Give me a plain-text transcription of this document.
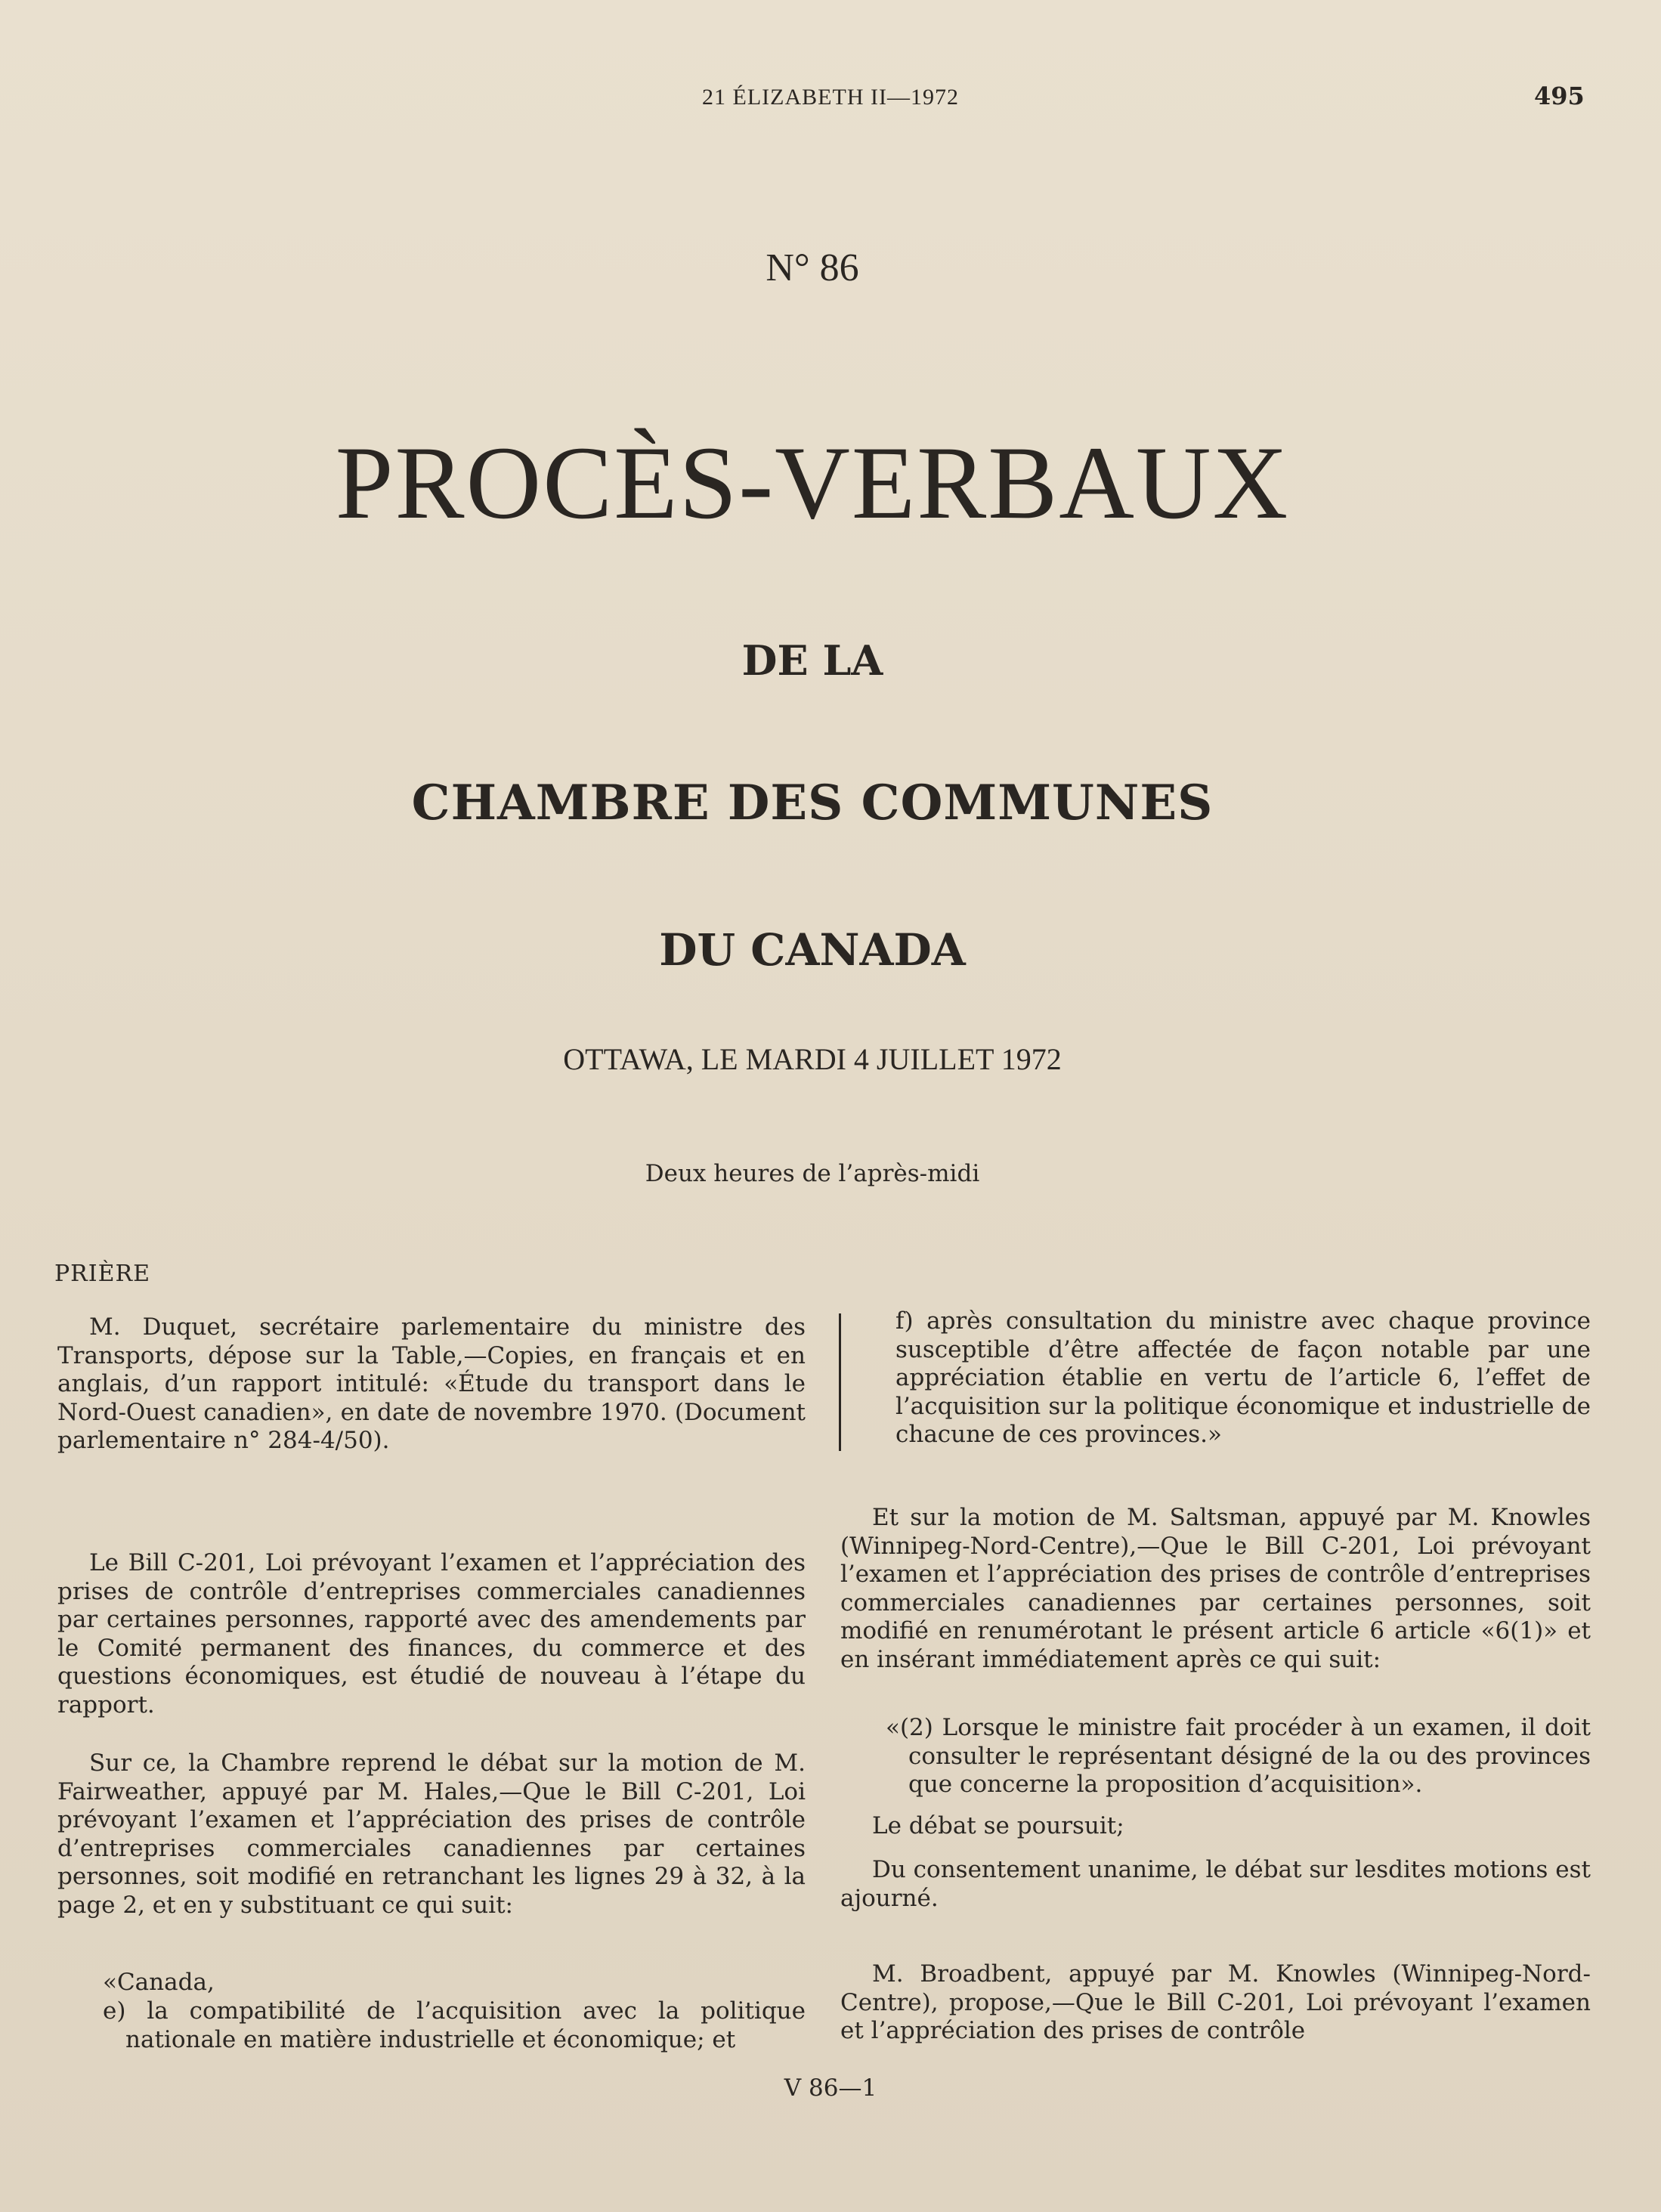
21 ÉLIZABETH II—1972	495
N° 86
PROCÈS-VERBAUX
DE LA
CHAMBRE DES COMMUNES
DU CANADA
OTTAWA, LE MARDI 4 JUILLET 1972
Deux heures de l’après-midi
PRIÈRE

M. Duquet, secrétaire parlementaire du ministre des Transports, dépose sur la Table,—Copies, en français et en anglais, d’un rapport intitulé: «Étude du transport dans le Nord-Ouest canadien», en date de novembre 1970. (Document parlementaire n° 284-4/50).

Le Bill C-201, Loi prévoyant l’examen et l’appréciation des prises de contrôle d’entreprises commerciales canadiennes par certaines personnes, rapporté avec des amendements par le Comité permanent des finances, du commerce et des questions économiques, est étudié de nouveau à l’étape du rapport.

Sur ce, la Chambre reprend le débat sur la motion de M. Fairweather, appuyé par M. Hales,—Que le Bill C-201, Loi prévoyant l’examen et l’appréciation des prises de contrôle d’entreprises commerciales canadiennes par certaines personnes, soit modifié en retranchant les lignes 29 à 32, à la page 2, et en y substituant ce qui suit:

«Canada,

e) la compatibilité de l’acquisition avec la politique nationale en matière industrielle et économique; et

f) après consultation du ministre avec chaque province susceptible d’être affectée de façon notable par une appréciation établie en vertu de l’article 6, l’effet de l’acquisition sur la politique économique et industrielle de chacune de ces provinces.»

Et sur la motion de M. Saltsman, appuyé par M. Knowles (Winnipeg-Nord-Centre),—Que le Bill C-201, Loi prévoyant l’examen et l’appréciation des prises de contrôle d’entreprises commerciales canadiennes par certaines personnes, soit modifié en renumérotant le présent article 6 article «6(1)» et en insérant immédiatement après ce qui suit:

«(2) Lorsque le ministre fait procéder à un examen, il doit consulter le représentant désigné de la ou des provinces que concerne la proposition d’acquisition».

Le débat se poursuit;

Du consentement unanime, le débat sur lesdites motions est ajourné.

M. Broadbent, appuyé par M. Knowles (Winnipeg-Nord-Centre), propose,—Que le Bill C-201, Loi prévoyant l’examen et l’appréciation des prises de contrôle

V 86—1
